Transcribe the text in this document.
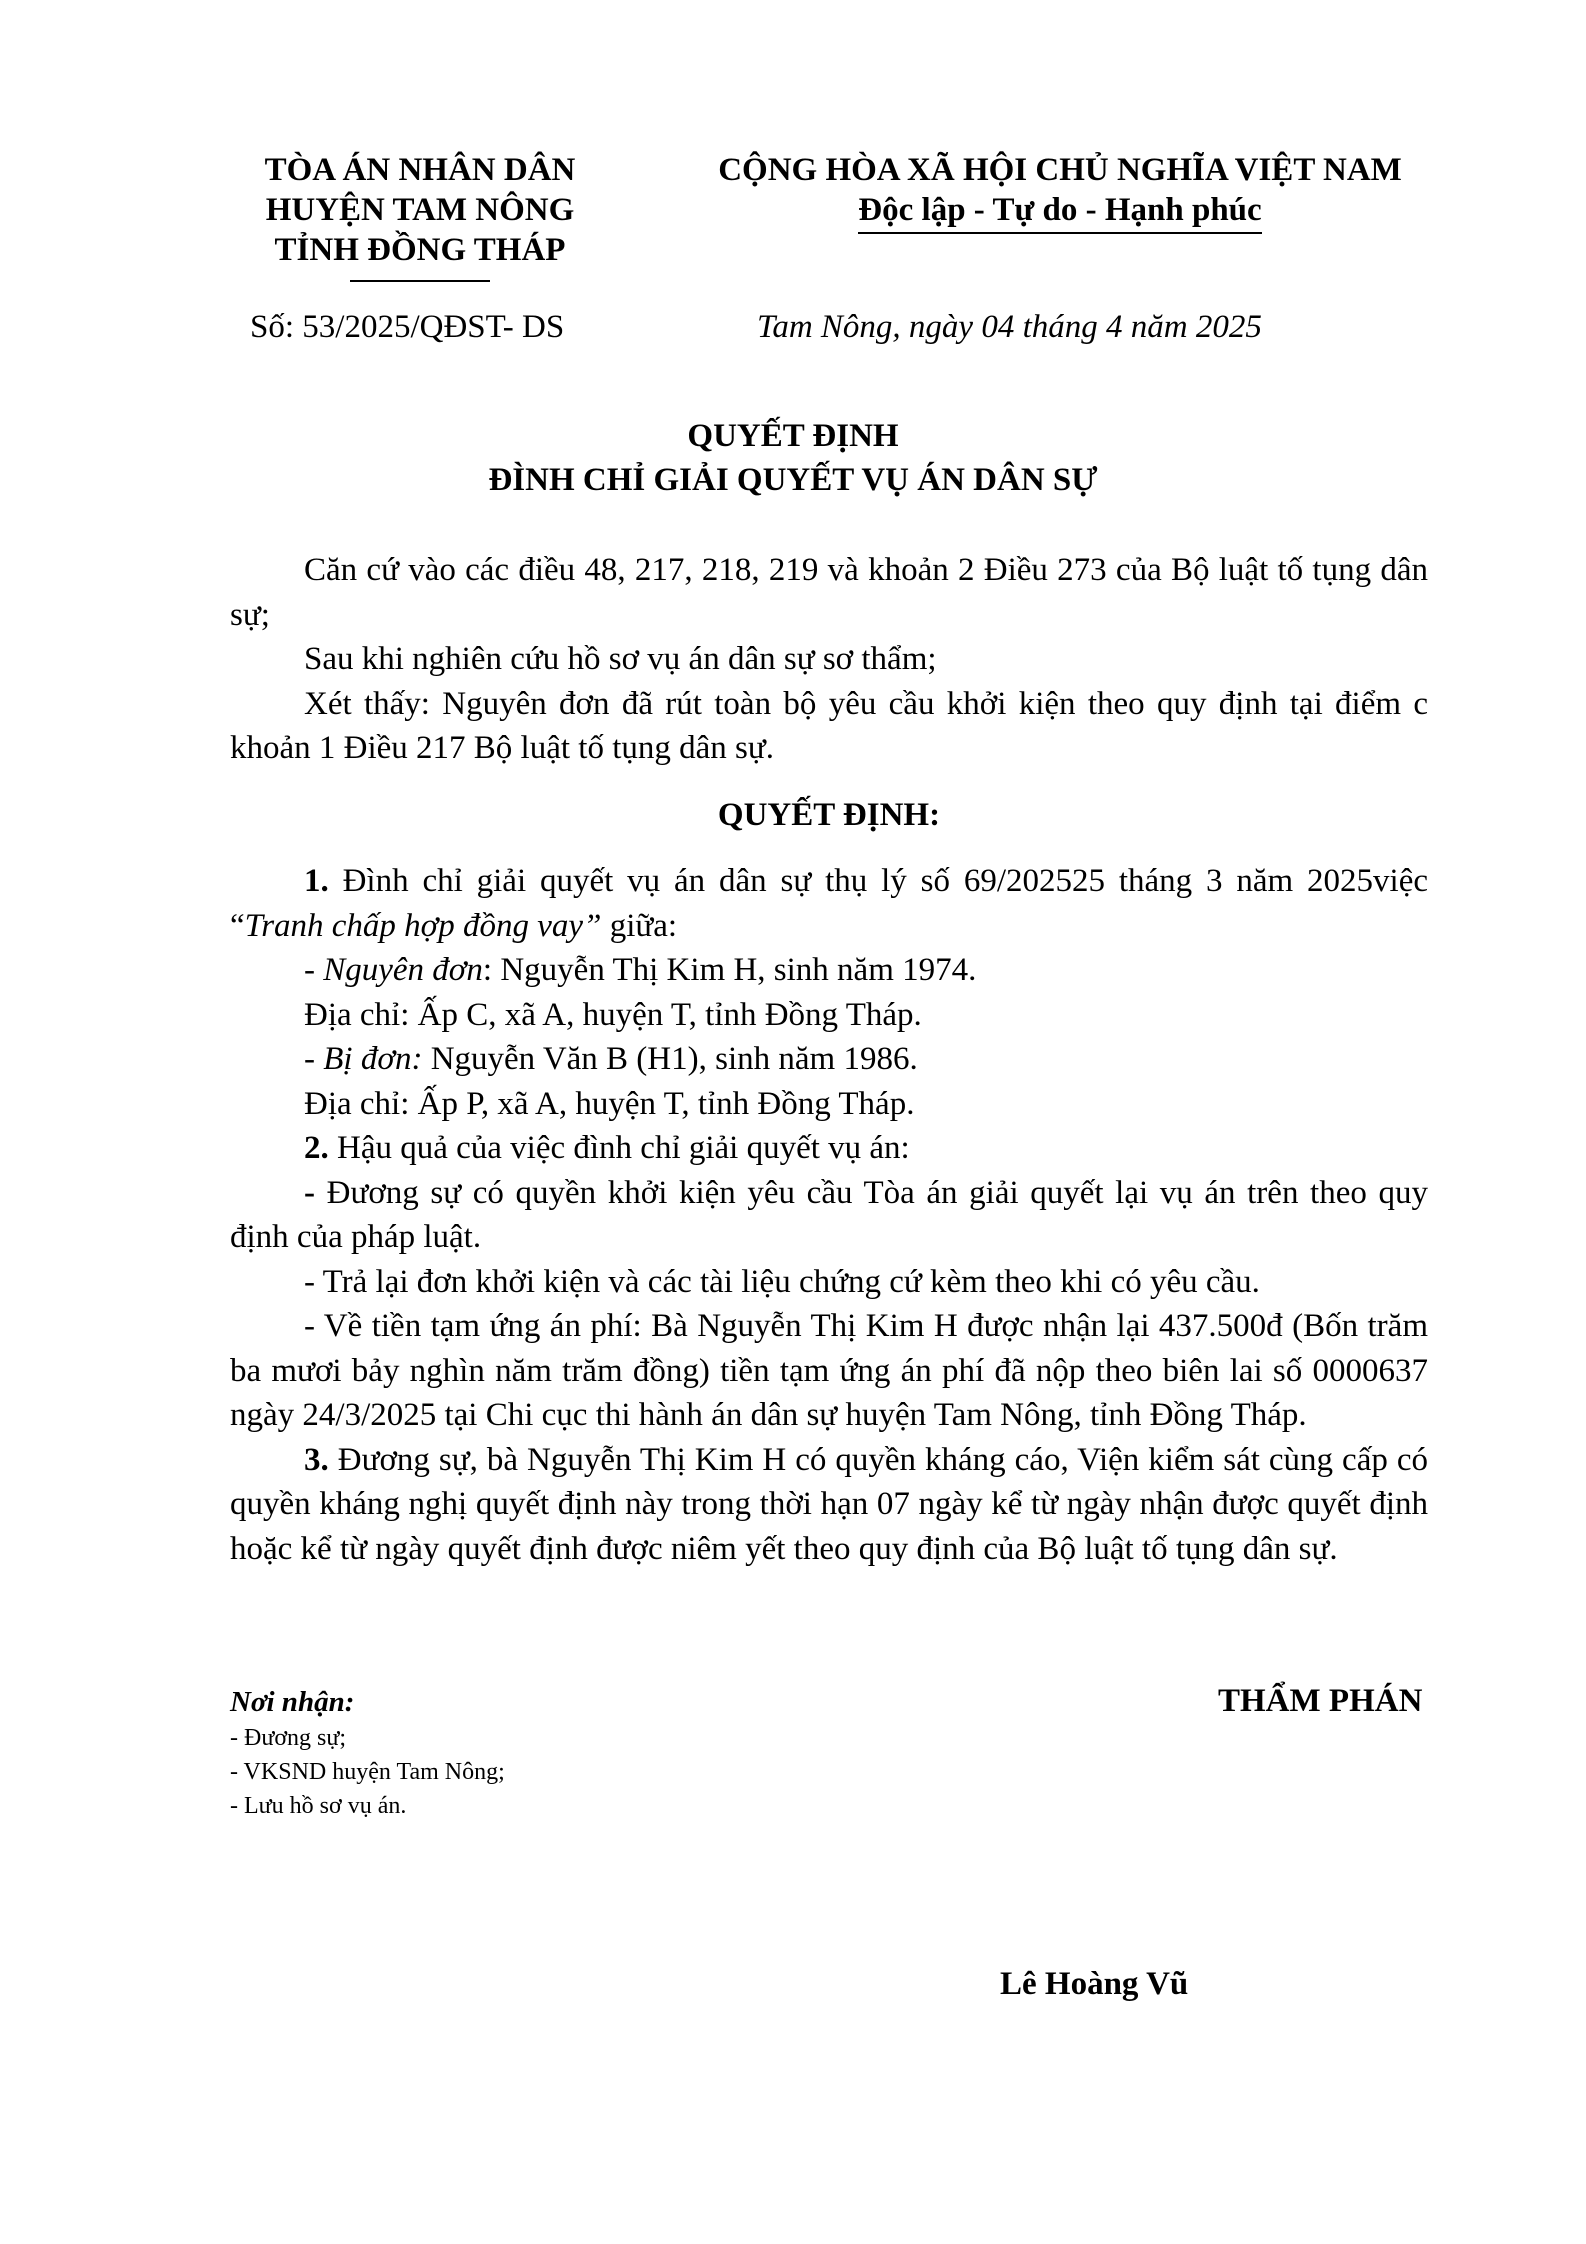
TÒA ÁN NHÂN DÂN
HUYỆN TAM NÔNG
TỈNH ĐỒNG THÁP
CỘNG HÒA XÃ HỘI CHỦ NGHĨA VIỆT NAM
Độc lập - Tự do - Hạnh phúc
Số: 53/2025/QĐST- DS	Tam Nông, ngày 04 tháng 4 năm 2025
QUYẾT ĐỊNH
ĐÌNH CHỈ GIẢI QUYẾT VỤ ÁN DÂN SỰ

Căn cứ vào các điều 48, 217, 218, 219 và khoản 2 Điều 273 của Bộ luật tố tụng dân sự;

Sau khi nghiên cứu hồ sơ vụ án dân sự sơ thẩm;

Xét thấy: Nguyên đơn đã rút toàn bộ yêu cầu khởi kiện theo quy định tại điểm c khoản 1 Điều 217 Bộ luật tố tụng dân sự.

QUYẾT ĐỊNH:

1. Đình chỉ giải quyết vụ án dân sự thụ lý số 69/202525 tháng 3 năm 2025việc “Tranh chấp hợp đồng vay” giữa:

- Nguyên đơn: Nguyễn Thị Kim H, sinh năm 1974.

Địa chỉ: Ấp C, xã A, huyện T, tỉnh Đồng Tháp.

- Bị đơn: Nguyễn Văn B (H1), sinh năm 1986.

Địa chỉ: Ấp P, xã A, huyện T, tỉnh Đồng Tháp.

2. Hậu quả của việc đình chỉ giải quyết vụ án:

- Đương sự có quyền khởi kiện yêu cầu Tòa án giải quyết lại vụ án trên theo quy định của pháp luật.

- Trả lại đơn khởi kiện và các tài liệu chứng cứ kèm theo khi có yêu cầu.

- Về tiền tạm ứng án phí: Bà Nguyễn Thị Kim H được nhận lại 437.500đ (Bốn trăm ba mươi bảy nghìn năm trăm đồng) tiền tạm ứng án phí đã nộp theo biên lai số 0000637 ngày 24/3/2025 tại Chi cục thi hành án dân sự huyện Tam Nông, tỉnh Đồng Tháp.

3. Đương sự, bà Nguyễn Thị Kim H có quyền kháng cáo, Viện kiểm sát cùng cấp có quyền kháng nghị quyết định này trong thời hạn 07 ngày kể từ ngày nhận được quyết định hoặc kể từ ngày quyết định được niêm yết theo quy định của Bộ luật tố tụng dân sự.

Nơi nhận:
- Đương sự;
- VKSND huyện Tam Nông;
- Lưu hồ sơ vụ án.
THẨM PHÁN
Lê Hoàng Vũ
